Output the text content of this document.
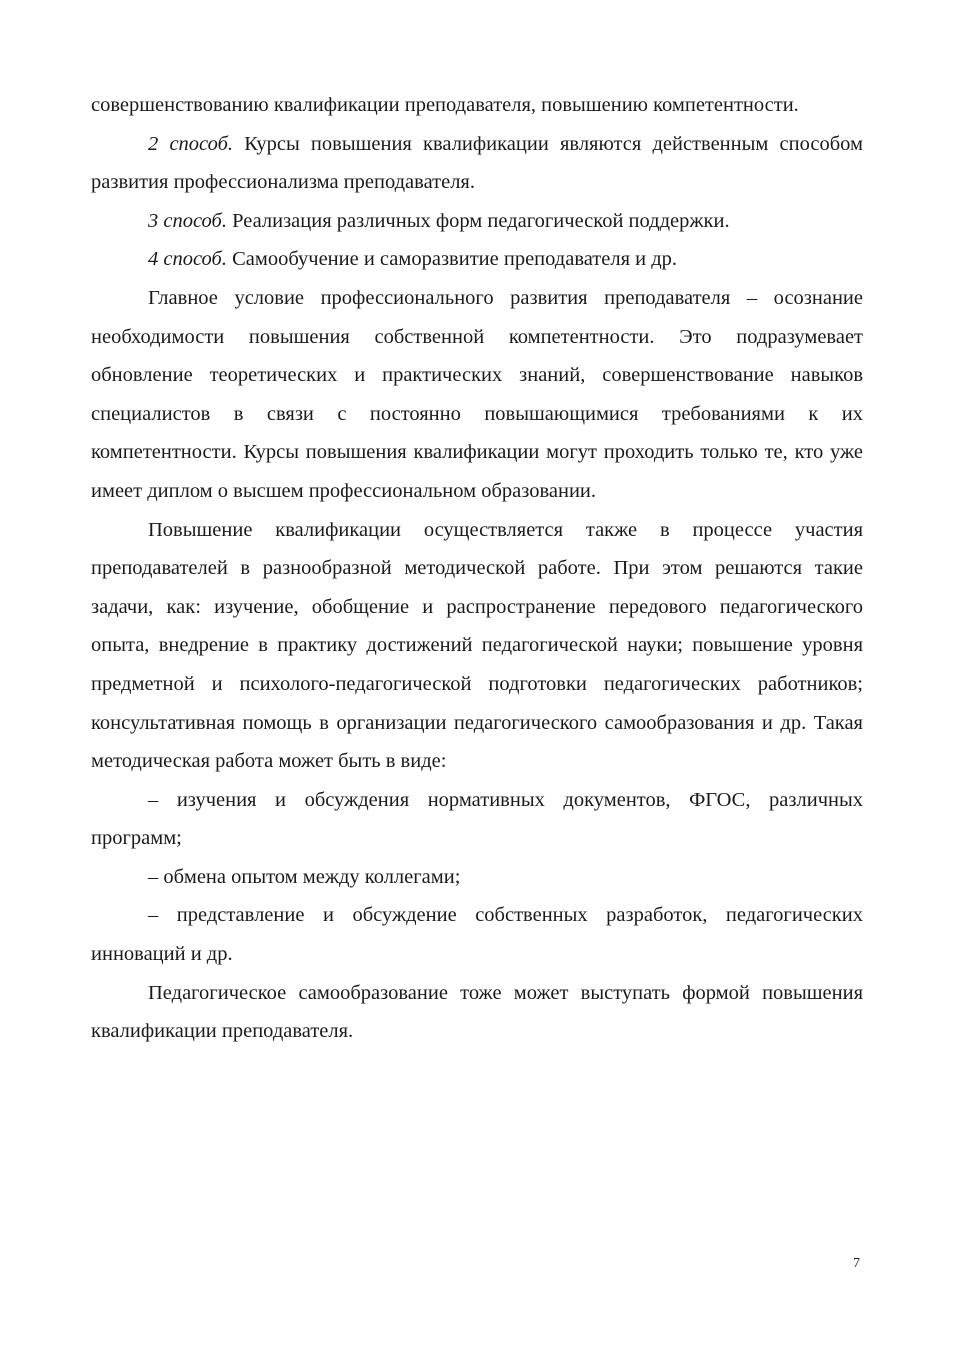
совершенствованию квалификации преподавателя, повышению компетентности.

2 способ. Курсы повышения квалификации являются действенным способом развития профессионализма преподавателя.

3 способ. Реализация различных форм педагогической поддержки.

4 способ. Самообучение и саморазвитие преподавателя и др.

Главное условие профессионального развития преподавателя – осознание необходимости повышения собственной компетентности. Это подразумевает обновление теоретических и практических знаний, совершенствование навыков специалистов в связи с постоянно повышающимися требованиями к их компетентности. Курсы повышения квалификации могут проходить только те, кто уже имеет диплом о высшем профессиональном образовании.

Повышение квалификации осуществляется также в процессе участия преподавателей в разнообразной методической работе. При этом решаются такие задачи, как: изучение, обобщение и распространение передового педагогического опыта, внедрение в практику достижений педагогической науки; повышение уровня предметной и психолого-педагогической подготовки педагогических работников; консультативная помощь в организации педагогического самообразования и др. Такая методическая работа может быть в виде:

– изучения и обсуждения нормативных документов, ФГОС, различных программ;

– обмена опытом между коллегами;

– представление и обсуждение собственных разработок, педагогических инноваций и др.

Педагогическое самообразование тоже может выступать формой повышения квалификации преподавателя.

7
